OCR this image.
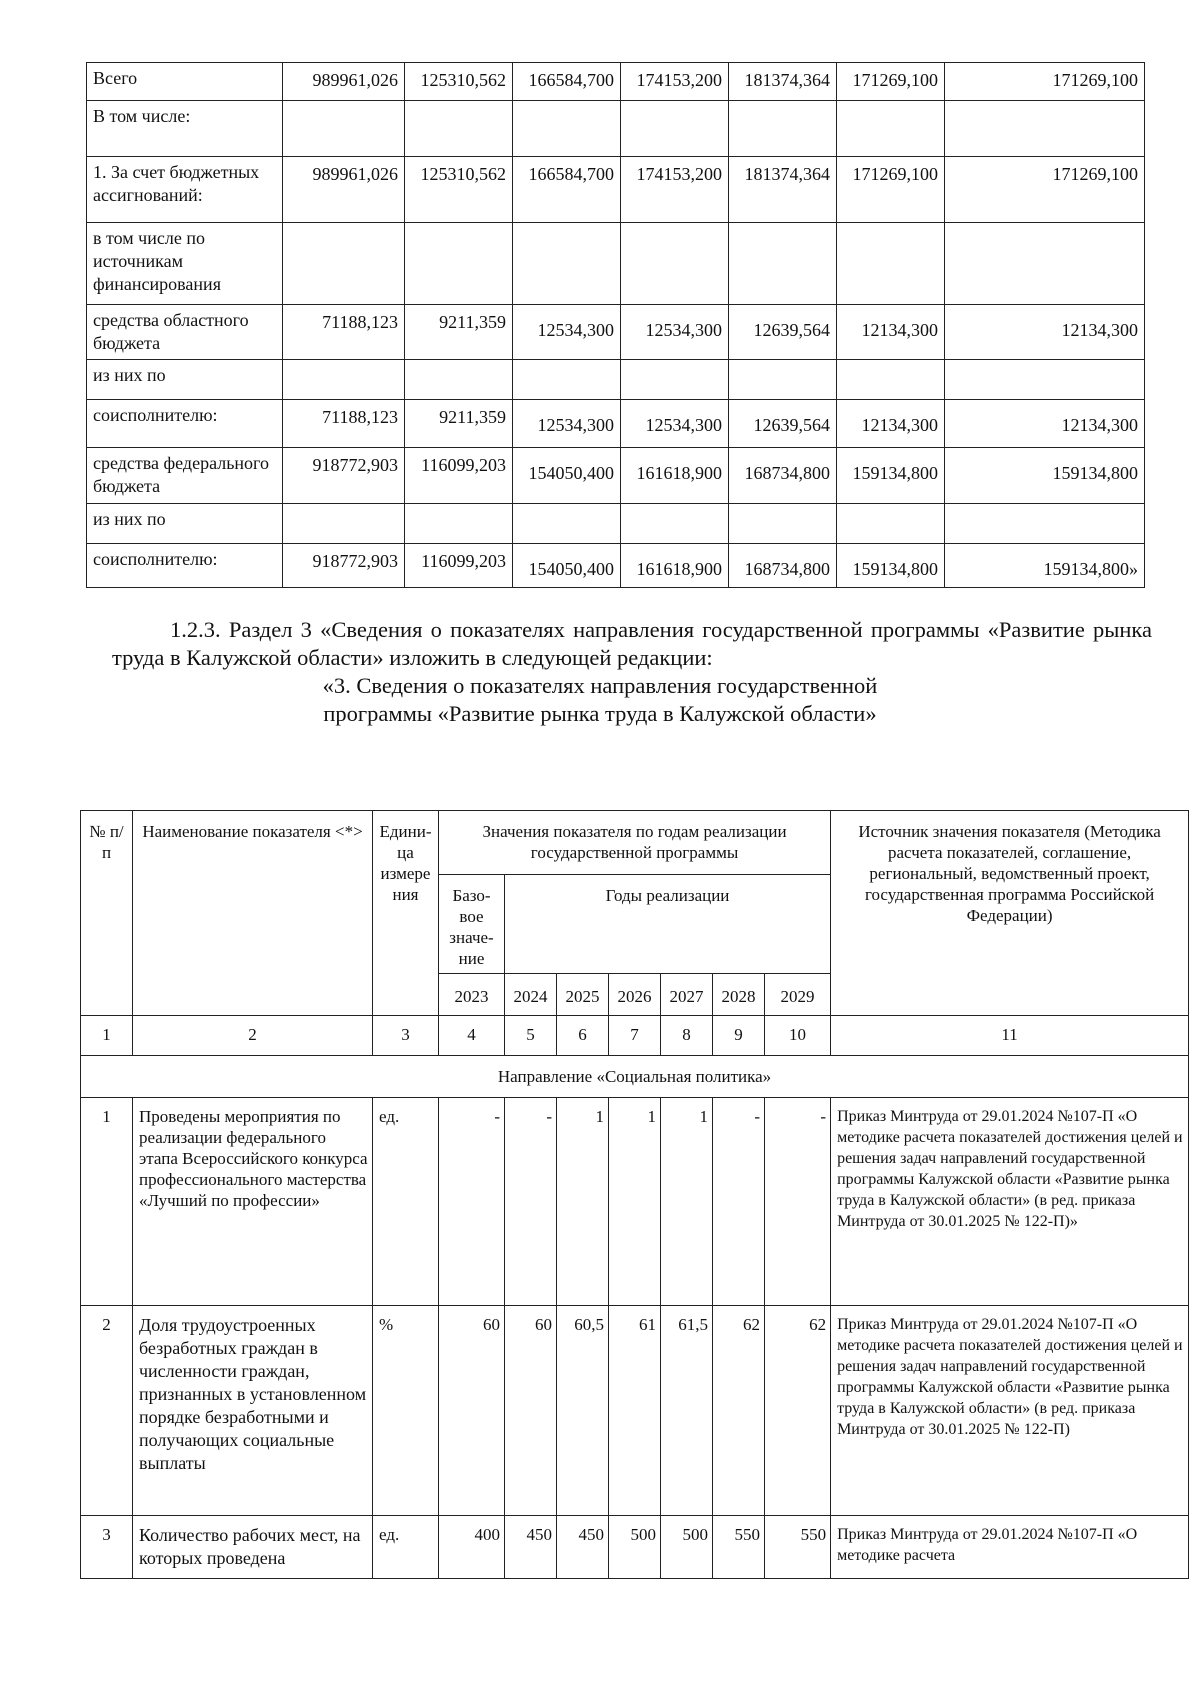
Всего	989961,026	125310,562	166584,700	174153,200	181374,364	171269,100	171269,100
В том числе:							
1. За счет бюджетных ассигнований:	989961,026	125310,562	166584,700	174153,200	181374,364	171269,100	171269,100
в том числе по источникам финансирования							
средства областного бюджета	71188,123	9211,359	12534,300	12534,300	12639,564	12134,300	12134,300
из них по							
соисполнителю:	71188,123	9211,359	12534,300	12534,300	12639,564	12134,300	12134,300
средства федерального бюджета	918772,903	116099,203	154050,400	161618,900	168734,800	159134,800	159134,800
из них по							
соисполнителю:	918772,903	116099,203	154050,400	161618,900	168734,800	159134,800	159134,800»
1.2.3. Раздел 3 «Сведения о показателях направления государственной программы «Развитие рынка труда в Калужской области» изложить в следующей редакции:
«3. Сведения о показателях направления государственной
программы «Развитие рынка труда в Калужской области»
№ п/п	Наименование показателя <*>	Едини-ца измере ния	Значения показателя по годам реализации государственной программы							Источник значения показателя (Методика расчета показателей, соглашение, региональный, ведомственный проект, государственная программа Российской Федерации)
			Базо-вое значе-ние	Годы реализации						
			2023	2024	2025	2026	2027	2028	2029	
1	2	3	4	5	6	7	8	9	10	11
Направление «Социальная политика»										
1	Проведены мероприятия по реализации федерального этапа Всероссийского конкурса профессионального мастерства «Лучший по профессии»	ед.	-	-	1	1	1	-	-	Приказ Минтруда от 29.01.2024 №107-П «О методике расчета показателей достижения целей и решения задач направлений государственной программы Калужской области «Развитие рынка труда в Калужской области» (в ред. приказа Минтруда от 30.01.2025 № 122-П)»
2	Доля трудоустроенных безработных граждан в численности граждан, признанных в установленном порядке безработными и получающих социальные выплаты	%	60	60	60,5	61	61,5	62	62	Приказ Минтруда от 29.01.2024 №107-П «О методике расчета показателей достижения целей и решения задач направлений государственной программы Калужской области «Развитие рынка труда в Калужской области» (в ред. приказа Минтруда от 30.01.2025 № 122-П)
3	Количество рабочих мест, на которых проведена	ед.	400	450	450	500	500	550	550	Приказ Минтруда от 29.01.2024 №107-П «О методике расчета
